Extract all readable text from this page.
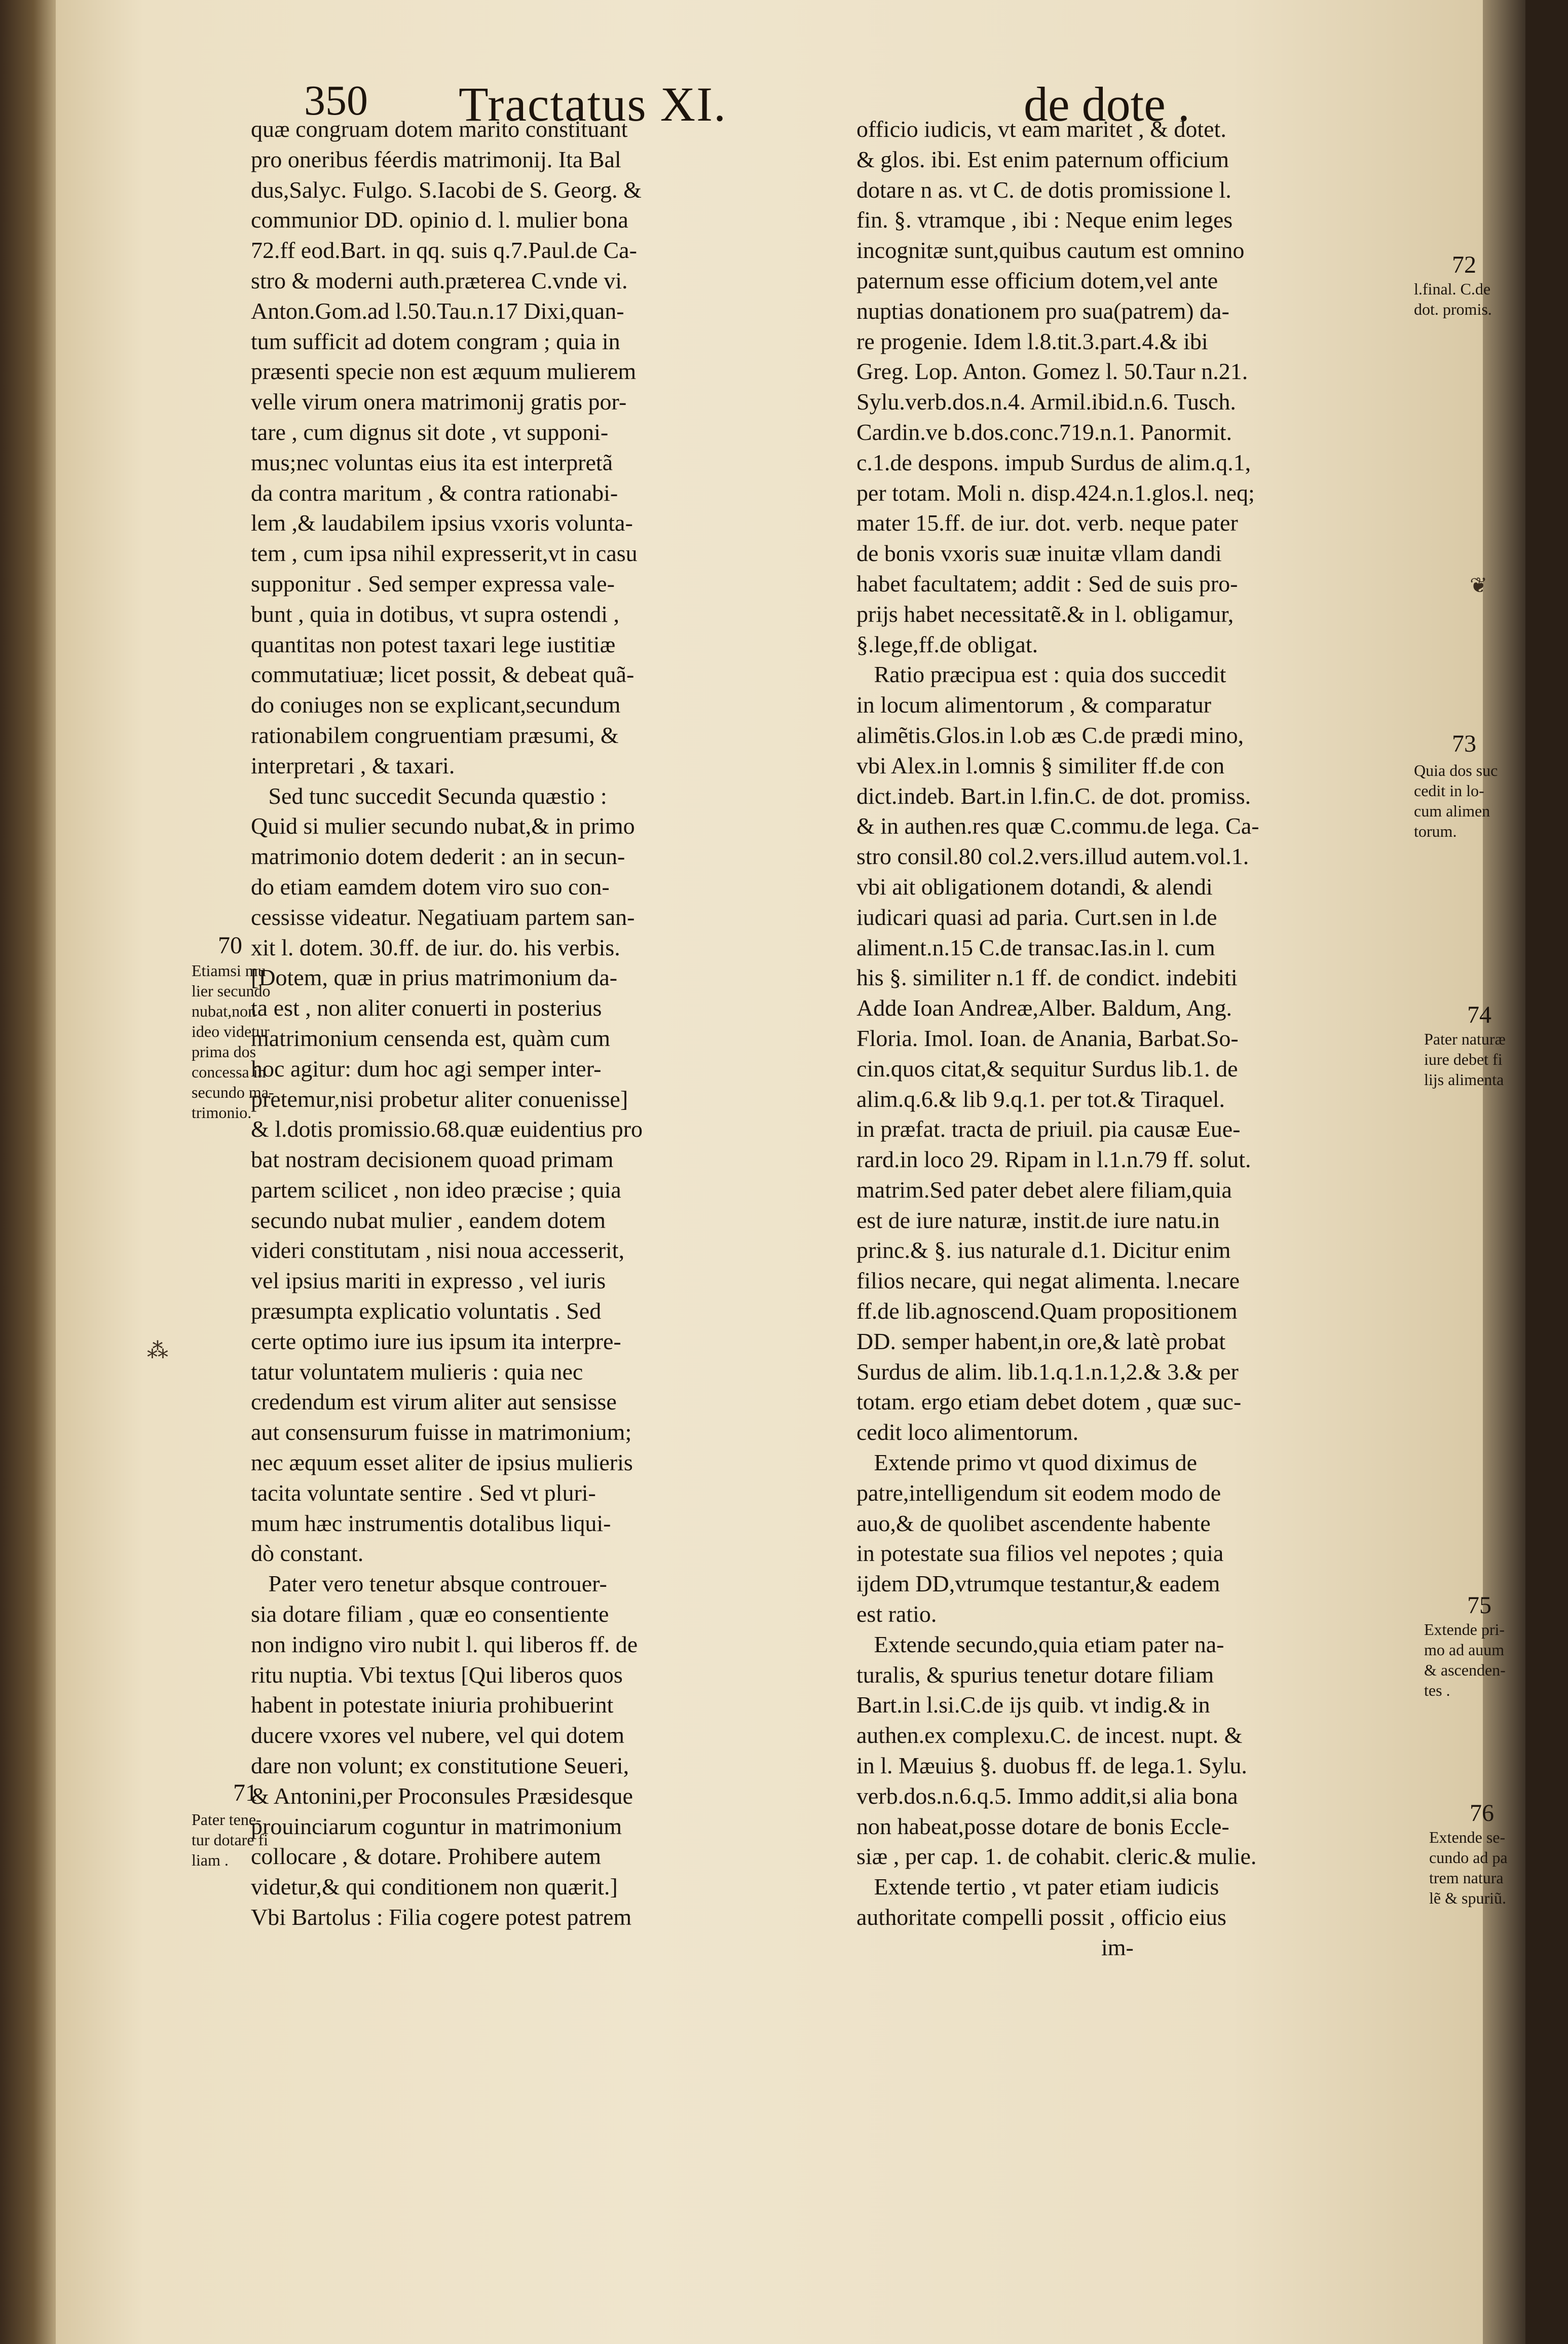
350 Tractatus XI.	de dote .
quæ congruam dotem marito constituant
pro oneribus féerdis matrimonij. Ita Bal
dus,Salyc. Fulgo. S.Iacobi de S. Georg. &
communior DD. opinio d. l. mulier bona
72.ff eod.Bart. in qq. suis q.7.Paul.de Ca-
stro & moderni auth.præterea C.vnde vi.
Anton.Gom.ad l.50.Tau.n.17 Dixi,quan-
tum sufficit ad dotem congram ; quia in
præsenti specie non est æquum mulierem
velle virum onera matrimonij gratis por-
tare , cum dignus sit dote , vt supponi-
mus;nec voluntas eius ita est interpretã
da contra maritum , & contra rationabi-
lem ,& laudabilem ipsius vxoris volunta-
tem , cum ipsa nihil expresserit,vt in casu
supponitur . Sed semper expressa vale-
bunt , quia in dotibus, vt supra ostendi ,
quantitas non potest taxari lege iustitiæ
commutatiuæ; licet possit, & debeat quã-
do coniuges non se explicant,secundum
rationabilem congruentiam præsumi, &
interpretari , & taxari.
Sed tunc succedit Secunda quæstio :
Quid si mulier secundo nubat,& in primo
matrimonio dotem dederit : an in secun-
do etiam eamdem dotem viro suo con-
cessisse videatur. Negatiuam partem san-
xit l. dotem. 30.ff. de iur. do. his verbis.
[Dotem, quæ in prius matrimonium da-
ta est , non aliter conuerti in posterius
matrimonium censenda est, quàm cum
hoc agitur: dum hoc agi semper inter-
pretemur,nisi probetur aliter conuenisse]
& l.dotis promissio.68.quæ euidentius pro
bat nostram decisionem quoad primam
partem scilicet , non ideo præcise ; quia
secundo nubat mulier , eandem dotem
videri constitutam , nisi noua accesserit,
vel ipsius mariti in expresso , vel iuris
præsumpta explicatio voluntatis . Sed
certe optimo iure ius ipsum ita interpre-
tatur voluntatem mulieris : quia nec
credendum est virum aliter aut sensisse
aut consensurum fuisse in matrimonium;
nec æquum esset aliter de ipsius mulieris
tacita voluntate sentire . Sed vt pluri-
mum hæc instrumentis dotalibus liqui-
dò constant.
Pater vero tenetur absque controuer-
sia dotare filiam , quæ eo consentiente
non indigno viro nubit l. qui liberos ff. de
ritu nuptia. Vbi textus [Qui liberos quos
habent in potestate iniuria prohibuerint
ducere vxores vel nubere, vel qui dotem
dare non volunt; ex constitutione Seueri,
& Antonini,per Proconsules Præsidesque
prouinciarum coguntur in matrimonium
collocare , & dotare. Prohibere autem
videtur,& qui conditionem non quærit.]
Vbi Bartolus : Filia cogere potest patrem
officio iudicis, vt eam maritet , & dotet.
& glos. ibi. Est enim paternum officium
dotare n as. vt C. de dotis promissione l.
fin. §. vtramque , ibi : Neque enim leges
incognitæ sunt,quibus cautum est omnino
paternum esse officium dotem,vel ante
nuptias donationem pro sua(patrem) da-
re progenie. Idem l.8.tit.3.part.4.& ibi
Greg. Lop. Anton. Gomez l. 50.Taur n.21.
Sylu.verb.dos.n.4. Armil.ibid.n.6. Tusch.
Cardin.ve b.dos.conc.719.n.1. Panormit.
c.1.de despons. impub Surdus de alim.q.1,
per totam. Moli n. disp.424.n.1.glos.l. neq;
mater 15.ff. de iur. dot. verb. neque pater
de bonis vxoris suæ inuitæ vllam dandi
habet facultatem; addit : Sed de suis pro-
prijs habet necessitatẽ.& in l. obligamur,
§.lege,ff.de obligat.
Ratio præcipua est : quia dos succedit
in locum alimentorum , & comparatur
alimẽtis.Glos.in l.ob æs C.de prædi mino,
vbi Alex.in l.omnis § similiter ff.de con
dict.indeb. Bart.in l.fin.C. de dot. promiss.
& in authen.res quæ C.commu.de lega. Ca-
stro consil.80 col.2.vers.illud autem.vol.1.
vbi ait obligationem dotandi, & alendi
iudicari quasi ad paria. Curt.sen in l.de
aliment.n.15 C.de transac.Ias.in l. cum
his §. similiter n.1 ff. de condict. indebiti
Adde Ioan Andreæ,Alber. Baldum, Ang.
Floria. Imol. Ioan. de Anania, Barbat.So-
cin.quos citat,& sequitur Surdus lib.1. de
alim.q.6.& lib 9.q.1. per tot.& Tiraquel.
in præfat. tracta de priuil. pia causæ Eue-
rard.in loco 29. Ripam in l.1.n.79 ff. solut.
matrim.Sed pater debet alere filiam,quia
est de iure naturæ, instit.de iure natu.in
princ.& §. ius naturale d.1. Dicitur enim
filios necare, qui negat alimenta. l.necare
ff.de lib.agnoscend.Quam propositionem
DD. semper habent,in ore,& latè probat
Surdus de alim. lib.1.q.1.n.1,2.& 3.& per
totam. ergo etiam debet dotem , quæ suc-
cedit loco alimentorum.
Extende primo vt quod diximus de
patre,intelligendum sit eodem modo de
auo,& de quolibet ascendente habente
in potestate sua filios vel nepotes ; quia
ijdem DD,vtrumque testantur,& eadem
est ratio.
Extende secundo,quia etiam pater na-
turalis, & spurius tenetur dotare filiam
Bart.in l.si.C.de ijs quib. vt indig.& in
authen.ex complexu.C. de incest. nupt. &
in l. Mæuius §. duobus ff. de lega.1. Sylu.
verb.dos.n.6.q.5. Immo addit,si alia bona
non habeat,posse dotare de bonis Eccle-
siæ , per cap. 1. de cohabit. cleric.& mulie.
Extende tertio , vt pater etiam iudicis
authoritate compelli possit , officio eius
im-
70
Etiamsi mu
lier secundo
nubat,non
ideo videtur
prima dos
concessa in
secundo ma-
trimonio.
71
Pater tene-
tur dotare fi
liam .
72
l.final. C.de
dot. promis.
73
Quia dos suc
cedit in lo-
cum alimen
torum.
74
Pater naturæ
iure debet fi
lijs alimenta
75
Extende pri-
mo ad auum
& ascenden-
tes .
76
Extende se-
cundo ad pa
trem natura
lẽ & spuriũ.
❦
⁂
